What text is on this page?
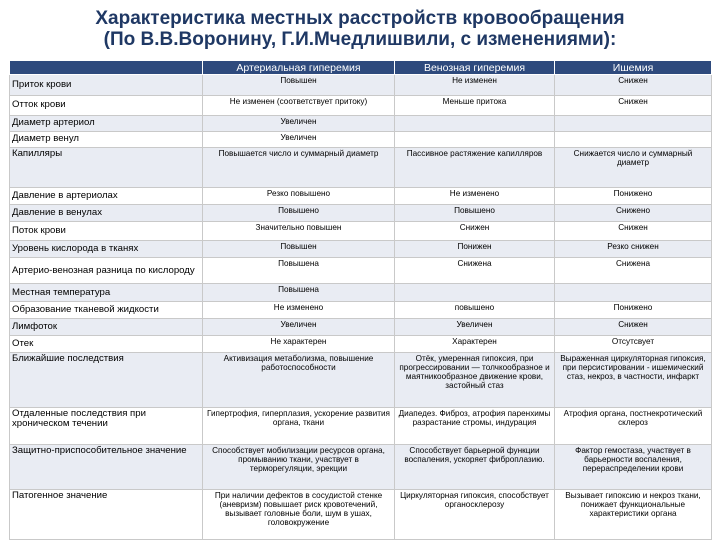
Характеристика местных расстройств кровообращения
(По В.В.Воронину, Г.И.Мчедлишвили, с изменениями):
	Артериальная гиперемия	Венозная гиперемия	Ишемия
Приток крови	Повышен	Не изменен	Снижен
Отток крови	Не изменен (соответствует притоку)	Меньше притока	Снижен
Диаметр артериол	Увеличен		
Диаметр венул	Увеличен		
Капилляры	Повышается число и суммарный диаметр	Пассивное растяжение капилляров	Снижается число и суммарный диаметр
Давление в артериолах	Резко повышено	Не изменено	Понижено
Давление в венулах	Повышено	Повышено	Снижено
Поток крови	Значительно повышен	Снижен	Снижен
Уровень кислорода в тканях	Повышен	Понижен	Резко снижен
Артерио-венозная разница по кислороду	Повышена	Снижена	Снижена
Местная температура	Повышена		
Образование тканевой жидкости	Не изменено	повышено	Понижено
Лимфоток	Увеличен	Увеличен	Снижен
Отек	Не характерен	Характерен	Отсутсвует
Ближайшие последствия	Активизация метаболизма, повышение работоспособности	Отёк, умеренная гипоксия, при прогрессировании — толчкообразное и маятникообразное движение крови, застойный стаз	Выраженная циркуляторная гипоксия, при персистировании - ишемический стаз, некроз, в частности, инфаркт
Отдаленные последствия при хроническом течении	Гипертрофия, гиперплазия, ускорение развития органа, ткани	Диапедез. Фиброз, атрофия паренхимы разрастание стромы, индурация	Атрофия органа, постнекротический склероз
Защитно-приспособительное значение	Способствует мобилизации ресурсов органа, промыванию ткани, участвует в терморегуляции, эрекции	Способствует барьерной функции воспаления, ускоряет фиброплазию.	Фактор гемостаза, участвует в барьерности воспаления, перераспределении крови
Патогенное значение	При наличии дефектов в сосудистой стенке (аневризм) повышает риск кровотечений, вызывает головные боли, шум в ушах, головокружение	Циркуляторная гипоксия, способствует органосклерозу	Вызывает гипоксию и некроз ткани, понижает функциональные характеристики органа
